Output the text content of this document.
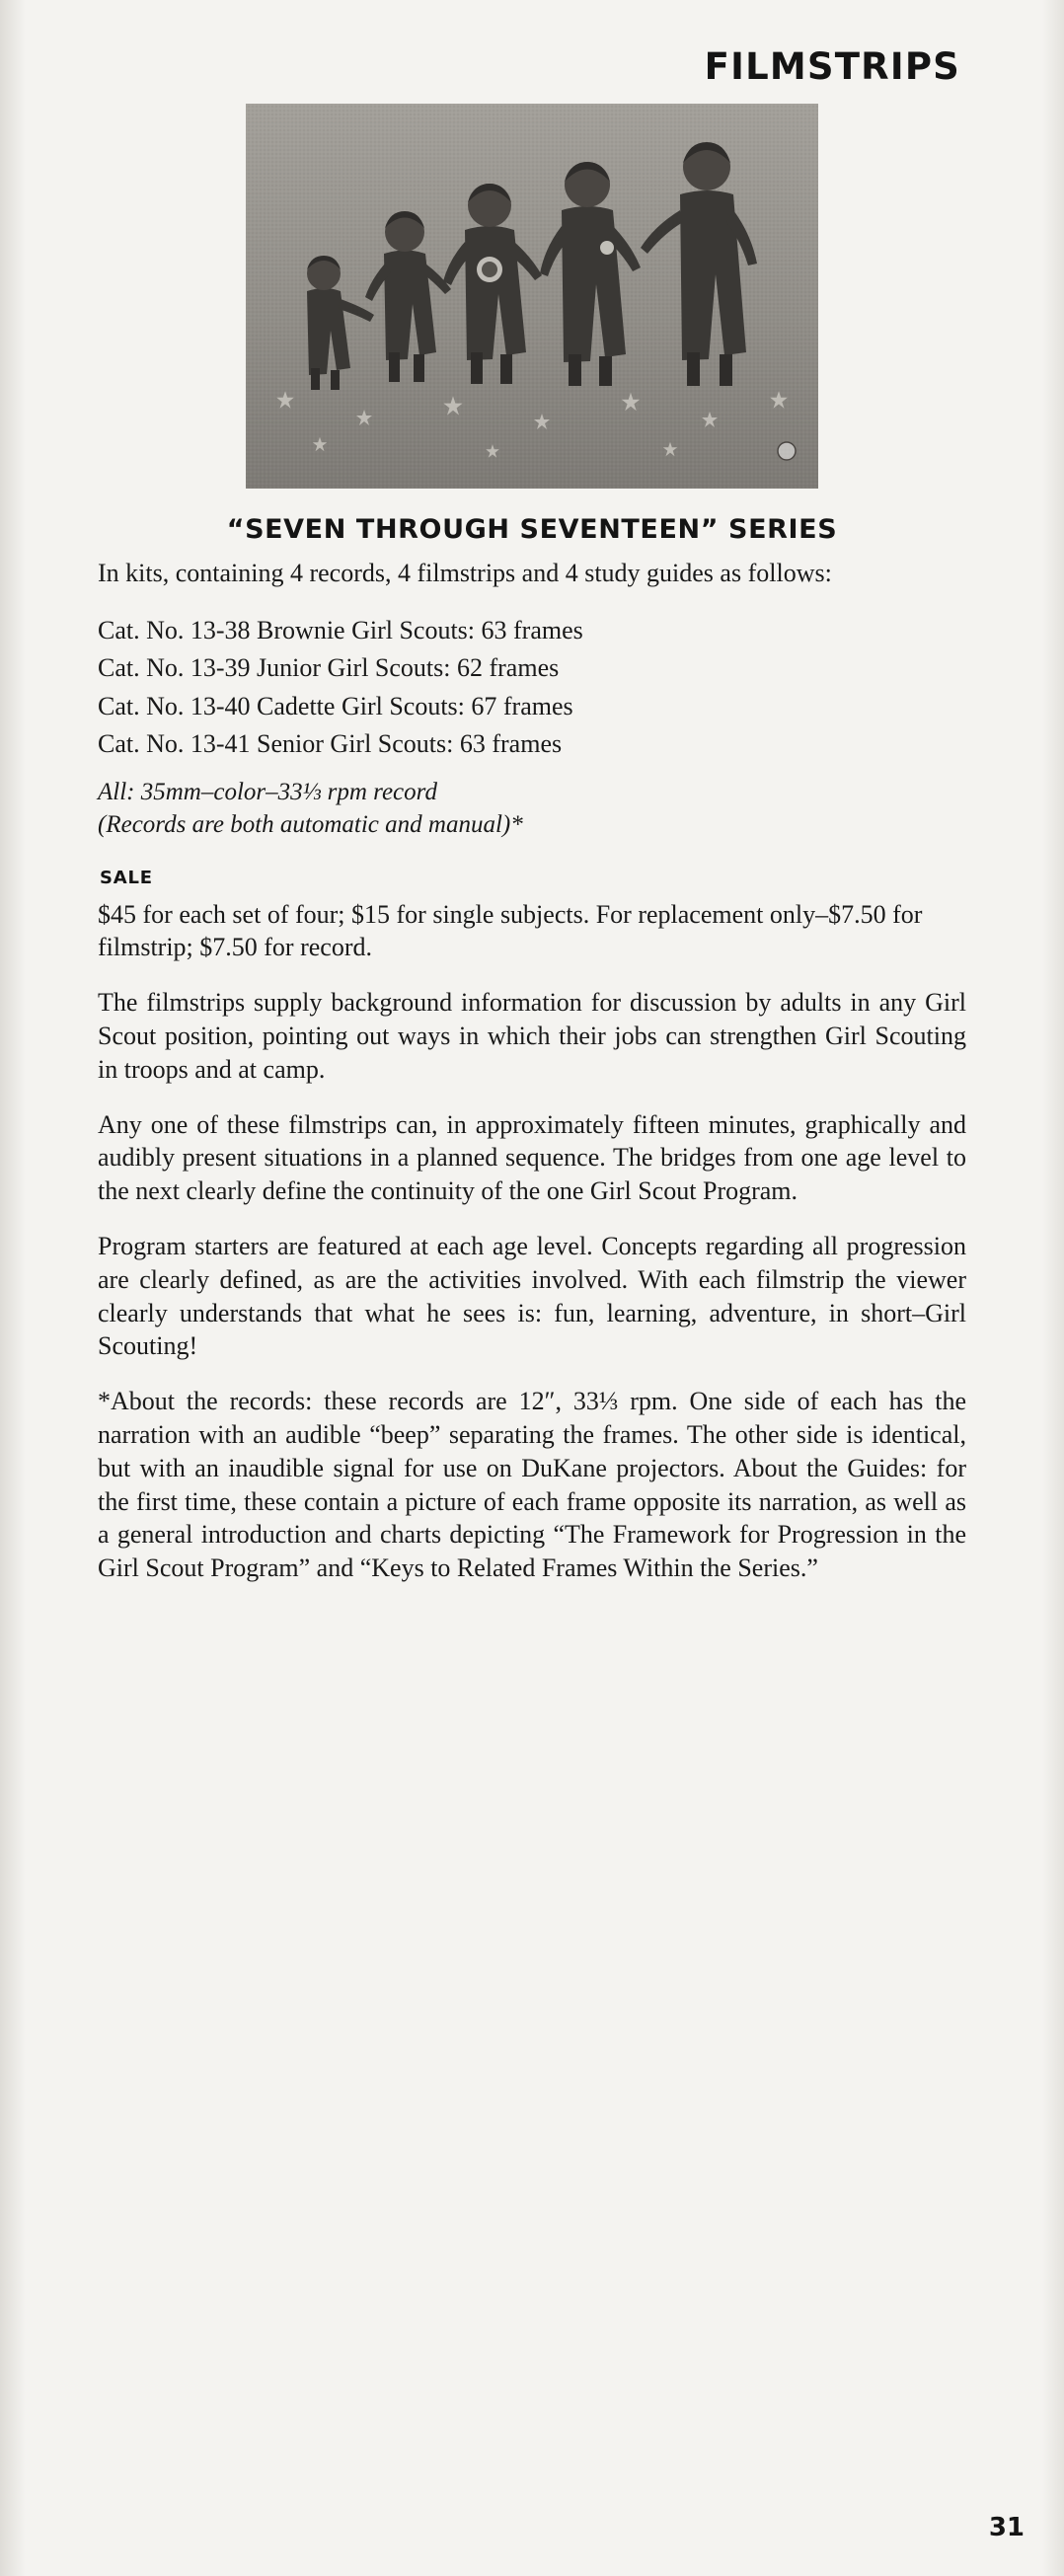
FILMSTRIPS
“SEVEN THROUGH SEVENTEEN” SERIES

In kits, containing 4 records, 4 filmstrips and 4 study guides as follows:

Cat. No. 13-38 Brownie Girl Scouts: 63 frames
Cat. No. 13-39 Junior Girl Scouts: 62 frames
Cat. No. 13-40 Cadette Girl Scouts: 67 frames
Cat. No. 13-41 Senior Girl Scouts: 63 frames
All: 35mm–color–33⅓ rpm record
(Records are both automatic and manual)*
SALE

$45 for each set of four; $15 for single subjects. For replacement only–$7.50 for filmstrip; $7.50 for record.

The filmstrips supply background information for discussion by adults in any Girl Scout position, pointing out ways in which their jobs can strengthen Girl Scouting in troops and at camp.

Any one of these filmstrips can, in approximately fifteen minutes, graphically and audibly present situations in a planned sequence. The bridges from one age level to the next clearly define the continuity of the one Girl Scout Program.

Program starters are featured at each age level. Concepts regarding all progression are clearly defined, as are the activities involved. With each filmstrip the viewer clearly understands that what he sees is: fun, learning, adventure, in short–Girl Scouting!

*About the records: these records are 12″, 33⅓ rpm. One side of each has the narration with an audible “beep” separating the frames. The other side is identical, but with an inaudible signal for use on DuKane projectors. About the Guides: for the first time, these contain a picture of each frame opposite its narration, as well as a general introduction and charts depicting “The Framework for Progression in the Girl Scout Program” and “Keys to Related Frames Within the Series.”

31
